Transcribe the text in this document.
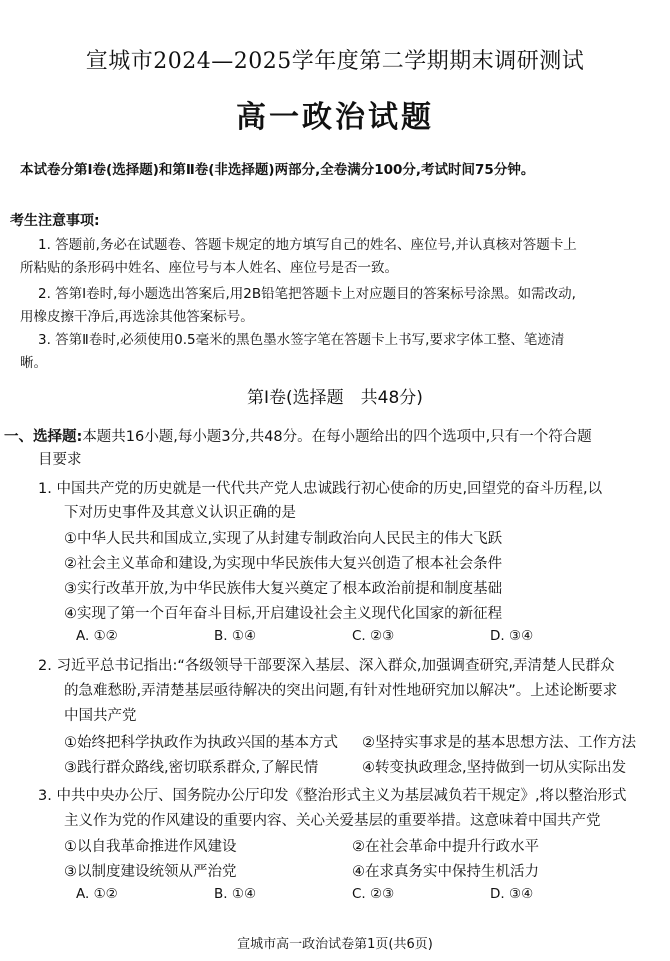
宣城市2024—2025学年度第二学期期末调研测试
高一政治试题
本试卷分第Ⅰ卷(选择题)和第Ⅱ卷(非选择题)两部分,全卷满分100分,考试时间75分钟。
考生注意事项:
1. 答题前,务必在试题卷、答题卡规定的地方填写自己的姓名、座位号,并认真核对答题卡上
所粘贴的条形码中姓名、座位号与本人姓名、座位号是否一致。
2. 答第Ⅰ卷时,每小题选出答案后,用2B铅笔把答题卡上对应题目的答案标号涂黑。如需改动,
用橡皮擦干净后,再选涂其他答案标号。
3. 答第Ⅱ卷时,必须使用0.5毫米的黑色墨水签字笔在答题卡上书写,要求字体工整、笔迹清
晰。
第Ⅰ卷(选择题　共48分)
一、选择题:本题共16小题,每小题3分,共48分。在每小题给出的四个选项中,只有一个符合题
目要求
1. 中国共产党的历史就是一代代共产党人忠诚践行初心使命的历史,回望党的奋斗历程,以
下对历史事件及其意义认识正确的是
①中华人民共和国成立,实现了从封建专制政治向人民民主的伟大飞跃
②社会主义革命和建设,为实现中华民族伟大复兴创造了根本社会条件
③实行改革开放,为中华民族伟大复兴奠定了根本政治前提和制度基础
④实现了第一个百年奋斗目标,开启建设社会主义现代化国家的新征程
A. ①②	B. ①④	C. ②③	D. ③④
2. 习近平总书记指出:“各级领导干部要深入基层、深入群众,加强调查研究,弄清楚人民群众
的急难愁盼,弄清楚基层亟待解决的突出问题,有针对性地研究加以解决”。上述论断要求
中国共产党
①始终把科学执政作为执政兴国的基本方式 ②坚持实事求是的基本思想方法、工作方法
③践行群众路线,密切联系群众,了解民情	④转变执政理念,坚持做到一切从实际出发
3. 中共中央办公厅、国务院办公厅印发《整治形式主义为基层减负若干规定》,将以整治形式
主义作为党的作风建设的重要内容、关心关爱基层的重要举措。这意味着中国共产党
①以自我革命推进作风建设	②在社会革命中提升行政水平
③以制度建设统领从严治党	④在求真务实中保持生机活力
A. ①②	B. ①④	C. ②③	D. ③④
宣城市高一政治试卷第1页(共6页)
